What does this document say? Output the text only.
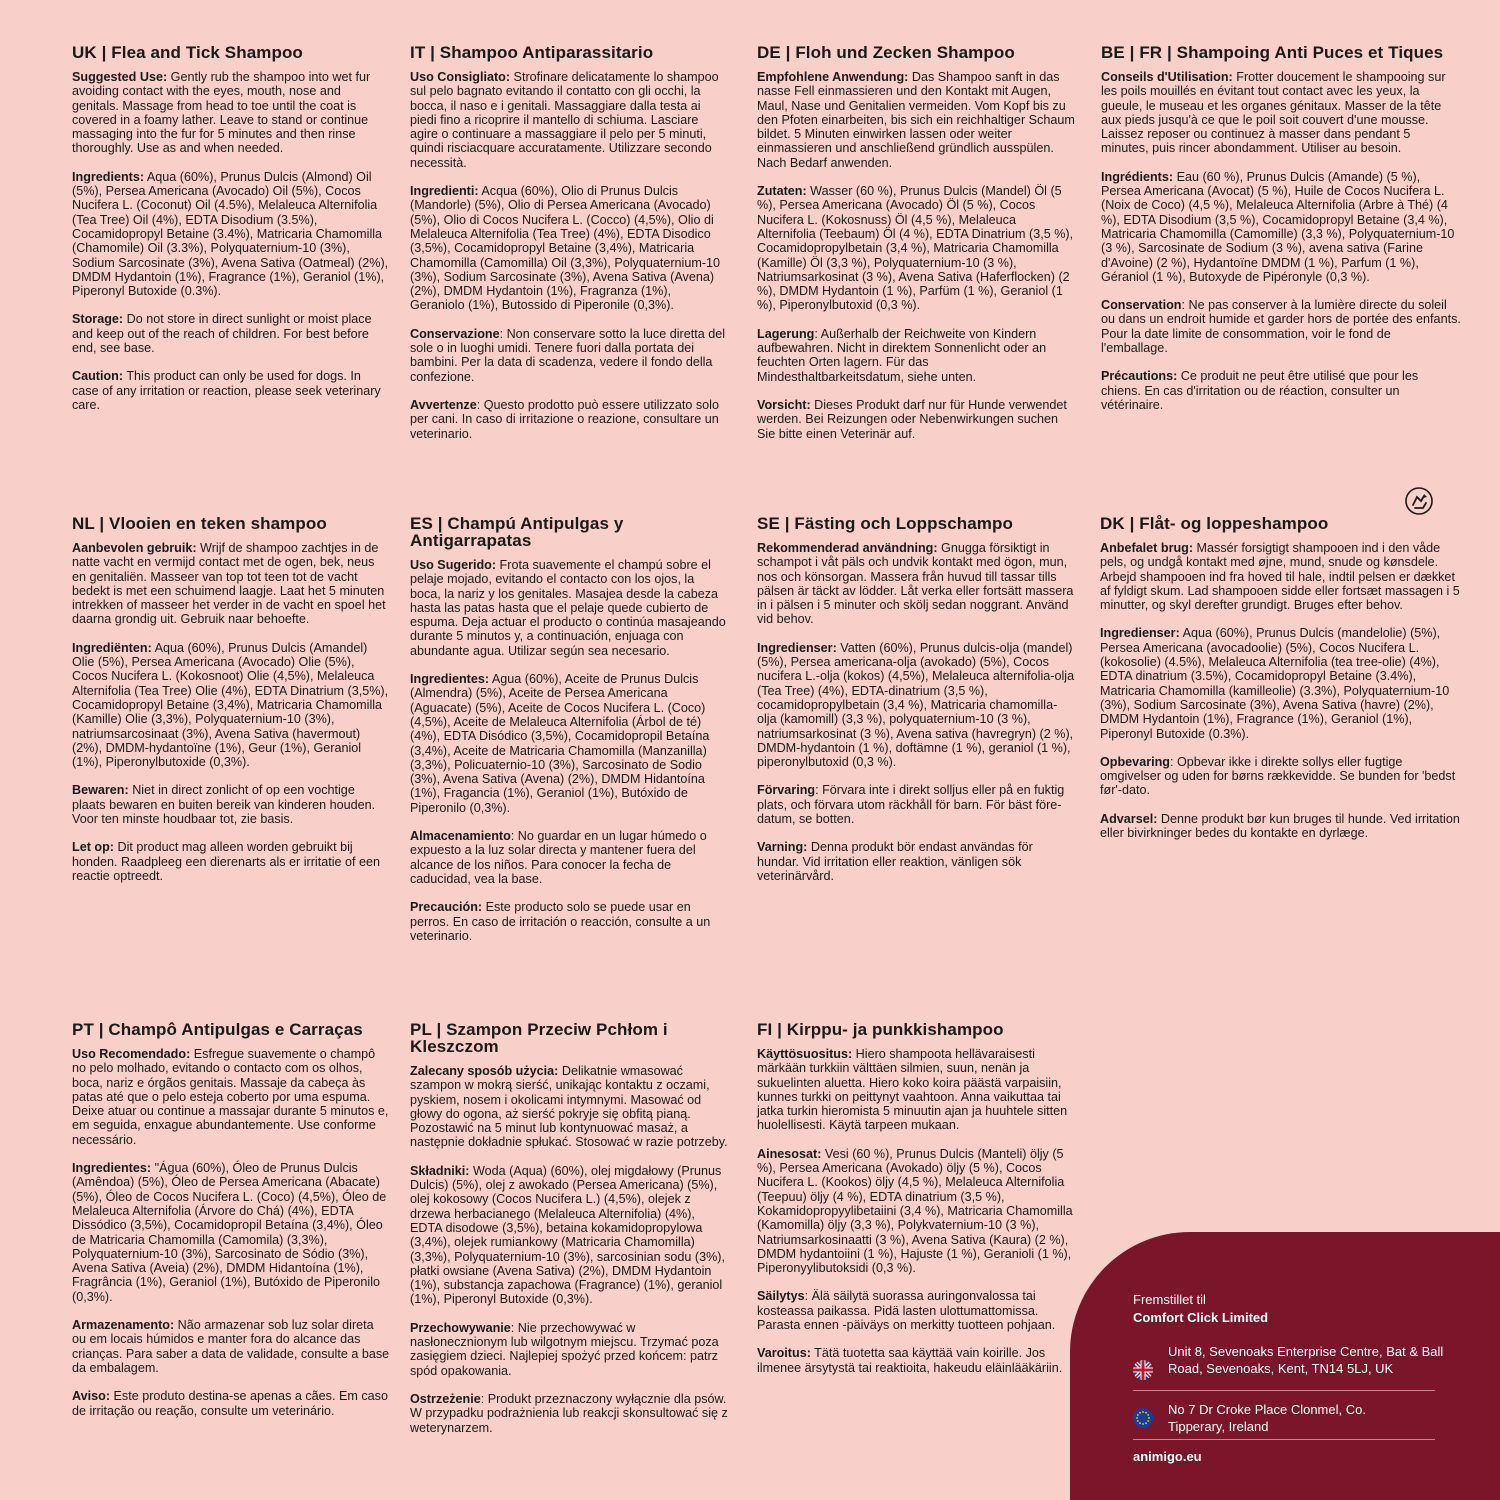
UK | Flea and Tick Shampoo

Suggested Use: Gently rub the shampoo into wet fur avoiding contact with the eyes, mouth, nose and genitals. Massage from head to toe until the coat is covered in a foamy lather. Leave to stand or continue massaging into the fur for 5 minutes and then rinse thoroughly. Use as and when needed.

Ingredients: Aqua (60%), Prunus Dulcis (Almond) Oil (5%), Persea Americana (Avocado) Oil (5%), Cocos Nucifera L. (Coconut) Oil (4.5%), Melaleuca Alternifolia (Tea Tree) Oil (4%), EDTA Disodium (3.5%), Cocamidopropyl Betaine (3.4%), Matricaria Chamomilla (Chamomile) Oil (3.3%), Polyquaternium-10 (3%), Sodium Sarcosinate (3%), Avena Sativa (Oatmeal) (2%), DMDM Hydantoin (1%), Fragrance (1%), Geraniol (1%), Piperonyl Butoxide (0.3%).

Storage: Do not store in direct sunlight or moist place and keep out of the reach of children. For best before end, see base.

Caution: This product can only be used for dogs. In case of any irritation or reaction, please seek veterinary care.

IT | Shampoo Antiparassitario

Uso Consigliato: Strofinare delicatamente lo shampoo sul pelo bagnato evitando il contatto con gli occhi, la bocca, il naso e i genitali. Massaggiare dalla testa ai piedi fino a ricoprire il mantello di schiuma. Lasciare agire o continuare a massaggiare il pelo per 5 minuti, quindi risciacquare accuratamente. Utilizzare secondo necessità.

Ingredienti: Acqua (60%), Olio di Prunus Dulcis (Mandorle) (5%), Olio di Persea Americana (Avocado) (5%), Olio di Cocos Nucifera L. (Cocco) (4,5%), Olio di Melaleuca Alternifolia (Tea Tree) (4%), EDTA Disodico (3,5%), Cocamidopropyl Betaine (3,4%), Matricaria Chamomilla (Camomilla) Oil (3,3%), Polyquaternium-10 (3%), Sodium Sarcosinate (3%), Avena Sativa (Avena) (2%), DMDM Hydantoin (1%), Fragranza (1%), Geraniolo (1%), Butossido di Piperonile (0,3%).

Conservazione: Non conservare sotto la luce diretta del sole o in luoghi umidi. Tenere fuori dalla portata dei bambini. Per la data di scadenza, vedere il fondo della confezione.

Avvertenze: Questo prodotto può essere utilizzato solo per cani. In caso di irritazione o reazione, consultare un veterinario.

DE | Floh und Zecken Shampoo

Empfohlene Anwendung: Das Shampoo sanft in das nasse Fell einmassieren und den Kontakt mit Augen, Maul, Nase und Genitalien vermeiden. Vom Kopf bis zu den Pfoten einarbeiten, bis sich ein reichhaltiger Schaum bildet. 5 Minuten einwirken lassen oder weiter einmassieren und anschließend gründlich ausspülen. Nach Bedarf anwenden.

Zutaten: Wasser (60 %), Prunus Dulcis (Mandel) Öl (5 %), Persea Americana (Avocado) Öl (5 %), Cocos Nucifera L. (Kokosnuss) Öl (4,5 %), Melaleuca Alternifolia (Teebaum) Öl (4 %), EDTA Dinatrium (3,5 %), Cocamidopropylbetain (3,4 %), Matricaria Chamomilla (Kamille) Öl (3,3 %), Polyquaternium-10 (3 %), Natriumsarkosinat (3 %), Avena Sativa (Haferflocken) (2 %), DMDM Hydantoin (1 %), Parfüm (1 %), Geraniol (1 %), Piperonylbutoxid (0,3 %).

Lagerung: Außerhalb der Reichweite von Kindern aufbewahren. Nicht in direktem Sonnenlicht oder an feuchten Orten lagern. Für das Mindesthaltbarkeitsdatum, siehe unten.

Vorsicht: Dieses Produkt darf nur für Hunde verwendet werden. Bei Reizungen oder Nebenwirkungen suchen Sie bitte einen Veterinär auf.

BE | FR | Shampoing Anti Puces et Tiques

Conseils d'Utilisation: Frotter doucement le shampooing sur les poils mouillés en évitant tout contact avec les yeux, la gueule, le museau et les organes génitaux. Masser de la tête aux pieds jusqu'à ce que le poil soit couvert d'une mousse. Laissez reposer ou continuez à masser dans pendant 5 minutes, puis rincer abondamment. Utiliser au besoin.

Ingrédients: Eau (60 %), Prunus Dulcis (Amande) (5 %), Persea Americana (Avocat) (5 %), Huile de Cocos Nucifera L. (Noix de Coco) (4,5 %), Melaleuca Alternifolia (Arbre à Thé) (4 %), EDTA Disodium (3,5 %), Cocamidopropyl Betaine (3,4 %), Matricaria Chamomilla (Camomille) (3,3 %), Polyquaternium-10 (3 %), Sarcosinate de Sodium (3 %), avena sativa (Farine d'Avoine) (2 %), Hydantoïne DMDM (1 %), Parfum (1 %), Géraniol (1 %), Butoxyde de Pipéronyle (0,3 %).

Conservation: Ne pas conserver à la lumière directe du soleil ou dans un endroit humide et garder hors de portée des enfants. Pour la date limite de consommation, voir le fond de l'emballage.

Précautions: Ce produit ne peut être utilisé que pour les chiens. En cas d'irritation ou de réaction, consulter un vétérinaire.

NL | Vlooien en teken shampoo

Aanbevolen gebruik: Wrijf de shampoo zachtjes in de natte vacht en vermijd contact met de ogen, bek, neus en genitaliën. Masseer van top tot teen tot de vacht bedekt is met een schuimend laagje. Laat het 5 minuten intrekken of masseer het verder in de vacht en spoel het daarna grondig uit. Gebruik naar behoefte.

Ingrediënten: Aqua (60%), Prunus Dulcis (Amandel) Olie (5%), Persea Americana (Avocado) Olie (5%), Cocos Nucifera L. (Kokosnoot) Olie (4,5%), Melaleuca Alternifolia (Tea Tree) Olie (4%), EDTA Dinatrium (3,5%), Cocamidopropyl Betaine (3,4%), Matricaria Chamomilla (Kamille) Olie (3,3%), Polyquaternium-10 (3%), natriumsarcosinaat (3%), Avena Sativa (havermout) (2%), DMDM-hydantoïne (1%), Geur (1%), Geraniol (1%), Piperonylbutoxide (0,3%).

Bewaren: Niet in direct zonlicht of op een vochtige plaats bewaren en buiten bereik van kinderen houden. Voor ten minste houdbaar tot, zie basis.

Let op: Dit product mag alleen worden gebruikt bij honden. Raadpleeg een dierenarts als er irritatie of een reactie optreedt.

ES | Champú Antipulgas y Antigarrapatas

Uso Sugerido: Frota suavemente el champú sobre el pelaje mojado, evitando el contacto con los ojos, la boca, la nariz y los genitales. Masajea desde la cabeza hasta las patas hasta que el pelaje quede cubierto de espuma. Deja actuar el producto o continúa masajeando durante 5 minutos y, a continuación, enjuaga con abundante agua. Utilizar según sea necesario.

Ingredientes: Agua (60%), Aceite de Prunus Dulcis (Almendra) (5%), Aceite de Persea Americana (Aguacate) (5%), Aceite de Cocos Nucifera L. (Coco) (4,5%), Aceite de Melaleuca Alternifolia (Árbol de té) (4%), EDTA Disódico (3,5%), Cocamidopropil Betaína (3,4%), Aceite de Matricaria Chamomilla (Manzanilla) (3,3%), Policuaternio-10 (3%), Sarcosinato de Sodio (3%), Avena Sativa (Avena) (2%), DMDM Hidantoína (1%), Fragancia (1%), Geraniol (1%), Butóxido de Piperonilo (0,3%).

Almacenamiento: No guardar en un lugar húmedo o expuesto a la luz solar directa y mantener fuera del alcance de los niños. Para conocer la fecha de caducidad, vea la base.

Precaución: Este producto solo se puede usar en perros. En caso de irritación o reacción, consulte a un veterinario.

SE | Fästing och Loppschampo

Rekommenderad användning: Gnugga försiktigt in schampot i våt päls och undvik kontakt med ögon, mun, nos och könsorgan. Massera från huvud till tassar tills pälsen är täckt av lödder. Låt verka eller fortsätt massera in i pälsen i 5 minuter och skölj sedan noggrant. Använd vid behov.

Ingredienser: Vatten (60%), Prunus dulcis-olja (mandel) (5%), Persea americana-olja (avokado) (5%), Cocos nucifera L.-olja (kokos) (4,5%), Melaleuca alternifolia-olja (Tea Tree) (4%), EDTA-dinatrium (3,5 %), cocamidopropylbetain (3,4 %), Matricaria chamomilla-olja (kamomill) (3,3 %), polyquaternium-10 (3 %), natriumsarkosinat (3 %), Avena sativa (havregryn) (2 %), DMDM-hydantoin (1 %), doftämne (1 %), geraniol (1 %), piperonylbutoxid (0,3 %).

Förvaring: Förvara inte i direkt solljus eller på en fuktig plats, och förvara utom räckhåll för barn. För bäst före-datum, se botten.

Varning: Denna produkt bör endast användas för hundar. Vid irritation eller reaktion, vänligen sök veterinärvård.

DK | Flåt- og loppeshampoo

Anbefalet brug: Massér forsigtigt shampooen ind i den våde pels, og undgå kontakt med øjne, mund, snude og kønsdele. Arbejd shampooen ind fra hoved til hale, indtil pelsen er dækket af fyldigt skum. Lad shampooen sidde eller fortsæt massagen i 5 minutter, og skyl derefter grundigt. Bruges efter behov.

Ingredienser: Aqua (60%), Prunus Dulcis (mandelolie) (5%), Persea Americana (avocadoolie) (5%), Cocos Nucifera L. (kokosolie) (4.5%), Melaleuca Alternifolia (tea tree-olie) (4%), EDTA dinatrium (3.5%), Cocamidopropyl Betaine (3.4%), Matricaria Chamomilla (kamilleolie) (3.3%), Polyquaternium-10 (3%), Sodium Sarcosinate (3%), Avena Sativa (havre) (2%), DMDM Hydantoin (1%), Fragrance (1%), Geraniol (1%), Piperonyl Butoxide (0.3%).

Opbevaring: Opbevar ikke i direkte sollys eller fugtige omgivelser og uden for børns rækkevidde. Se bunden for 'bedst før'-dato.

Advarsel: Denne produkt bør kun bruges til hunde. Ved irritation eller bivirkninger bedes du kontakte en dyrlæge.

PT | Champô Antipulgas e Carraças

Uso Recomendado: Esfregue suavemente o champô no pelo molhado, evitando o contacto com os olhos, boca, nariz e órgãos genitais. Massaje da cabeça às patas até que o pelo esteja coberto por uma espuma. Deixe atuar ou continue a massajar durante 5 minutos e, em seguida, enxague abundantemente. Use conforme necessário.

Ingredientes: "Água (60%), Óleo de Prunus Dulcis (Amêndoa) (5%), Óleo de Persea Americana (Abacate) (5%), Óleo de Cocos Nucifera L. (Coco) (4,5%), Óleo de Melaleuca Alternifolia (Árvore do Chá) (4%), EDTA Dissódico (3,5%), Cocamidopropil Betaína (3,4%), Óleo de Matricaria Chamomilla (Camomila) (3,3%), Polyquaternium-10 (3%), Sarcosinato de Sódio (3%), Avena Sativa (Aveia) (2%), DMDM Hidantoína (1%), Fragrância (1%), Geraniol (1%), Butóxido de Piperonilo (0,3%).

Armazenamento: Não armazenar sob luz solar direta ou em locais húmidos e manter fora do alcance das crianças. Para saber a data de validade, consulte a base da embalagem.

Aviso: Este produto destina-se apenas a cães. Em caso de irritação ou reação, consulte um veterinário.

PL | Szampon Przeciw Pchłom i Kleszczom

Zalecany sposób użycia: Delikatnie wmasować szampon w mokrą sierść, unikając kontaktu z oczami, pyskiem, nosem i okolicami intymnymi. Masować od głowy do ogona, aż sierść pokryje się obfitą pianą. Pozostawić na 5 minut lub kontynuować masaż, a następnie dokładnie spłukać. Stosować w razie potrzeby.

Składniki: Woda (Aqua) (60%), olej migdałowy (Prunus Dulcis) (5%), olej z awokado (Persea Americana) (5%), olej kokosowy (Cocos Nucifera L.) (4,5%), olejek z drzewa herbacianego (Melaleuca Alternifolia) (4%), EDTA disodowe (3,5%), betaina kokamidopropylowa (3,4%), olejek rumiankowy (Matricaria Chamomilla) (3,3%), Polyquaternium-10 (3%), sarcosinian sodu (3%), płatki owsiane (Avena Sativa) (2%), DMDM Hydantoin (1%), substancja zapachowa (Fragrance) (1%), geraniol (1%), Piperonyl Butoxide (0,3%).

Przechowywanie: Nie przechowywać w nasłonecznionym lub wilgotnym miejscu. Trzymać poza zasięgiem dzieci. Najlepiej spożyć przed końcem: patrz spód opakowania.

Ostrzeżenie: Produkt przeznaczony wyłącznie dla psów. W przypadku podrażnienia lub reakcji skonsultować się z weterynarzem.

FI | Kirppu- ja punkkishampoo

Käyttösuositus: Hiero shampoota hellävaraisesti märkään turkkiin välttäen silmien, suun, nenän ja sukuelinten aluetta. Hiero koko koira päästä varpaisiin, kunnes turkki on peittynyt vaahtoon. Anna vaikuttaa tai jatka turkin hieromista 5 minuutin ajan ja huuhtele sitten huolellisesti. Käytä tarpeen mukaan.

Ainesosat: Vesi (60 %), Prunus Dulcis (Manteli) öljy (5 %), Persea Americana (Avokado) öljy (5 %), Cocos Nucifera L. (Kookos) öljy (4,5 %), Melaleuca Alternifolia (Teepuu) öljy (4 %), EDTA dinatrium (3,5 %), Kokamidopropyylibetaiini (3,4 %), Matricaria Chamomilla (Kamomilla) öljy (3,3 %), Polykvaternium-10 (3 %), Natriumsarkosinaatti (3 %), Avena Sativa (Kaura) (2 %), DMDM hydantoiini (1 %), Hajuste (1 %), Geranioli (1 %), Piperonyylibutoksidi (0,3 %).

Säilytys: Älä säilytä suorassa auringonvalossa tai kosteassa paikassa. Pidä lasten ulottumattomissa. Parasta ennen -päiväys on merkitty tuotteen pohjaan.

Varoitus: Tätä tuotetta saa käyttää vain koirille. Jos ilmenee ärsytystä tai reaktioita, hakeudu eläinlääkäriin.

Fremstillet til
Comfort Click Limited
Unit 8, Sevenoaks Enterprise Centre, Bat & Ball Road, Sevenoaks, Kent, TN14 5LJ, UK
No 7 Dr Croke Place Clonmel, Co. Tipperary, Ireland
animigo.eu
